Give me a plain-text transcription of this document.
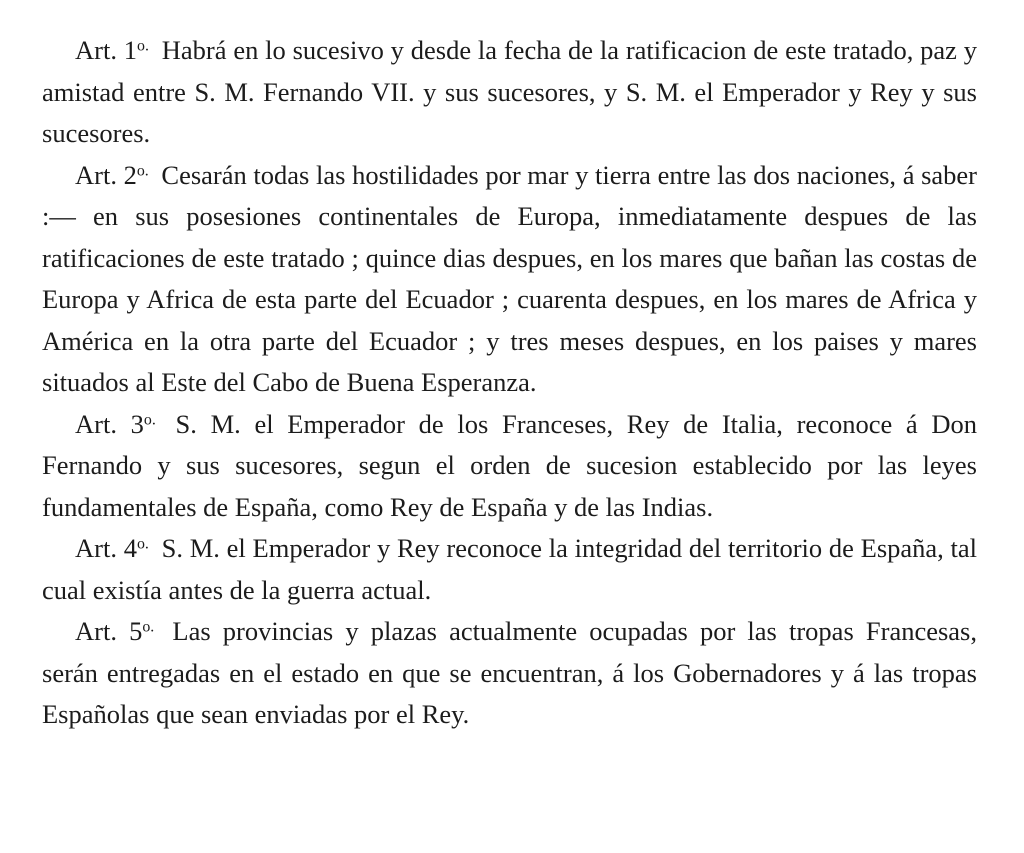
Art. $1^{o.}$ Habrá en lo sucesivo y desde la fecha de la ratificacion de este tratado, paz y amistad entre S. M. Fernando VII. y sus sucesores, y S. M. el Emperador y Rey y sus sucesores.

Art. $2^{o.}$ Cesarán todas las hostilidades por mar y tierra entre las dos naciones, á saber :— en sus posesiones continentales de Europa, inmediatamente despues de las ratificaciones de este tratado ; quince dias despues, en los mares que bañan las costas de Europa y Africa de esta parte del Ecuador ; cuarenta despues, en los mares de Africa y América en la otra parte del Ecuador ; y tres meses despues, en los paises y mares situados al Este del Cabo de Buena Esperanza.

Art. $3^{o.}$ S. M. el Emperador de los Franceses, Rey de Italia, reconoce á Don Fernando y sus sucesores, segun el orden de sucesion establecido por las leyes fundamentales de España, como Rey de España y de las Indias.

Art. $4^{o.}$ S. M. el Emperador y Rey reconoce la integridad del territorio de España, tal cual existía antes de la guerra actual.

Art. $5^{o.}$ Las provincias y plazas actualmente ocupadas por las tropas Francesas, serán entregadas en el estado en que se encuentran, á los Gobernadores y á las tropas Españolas que sean enviadas por el Rey.
